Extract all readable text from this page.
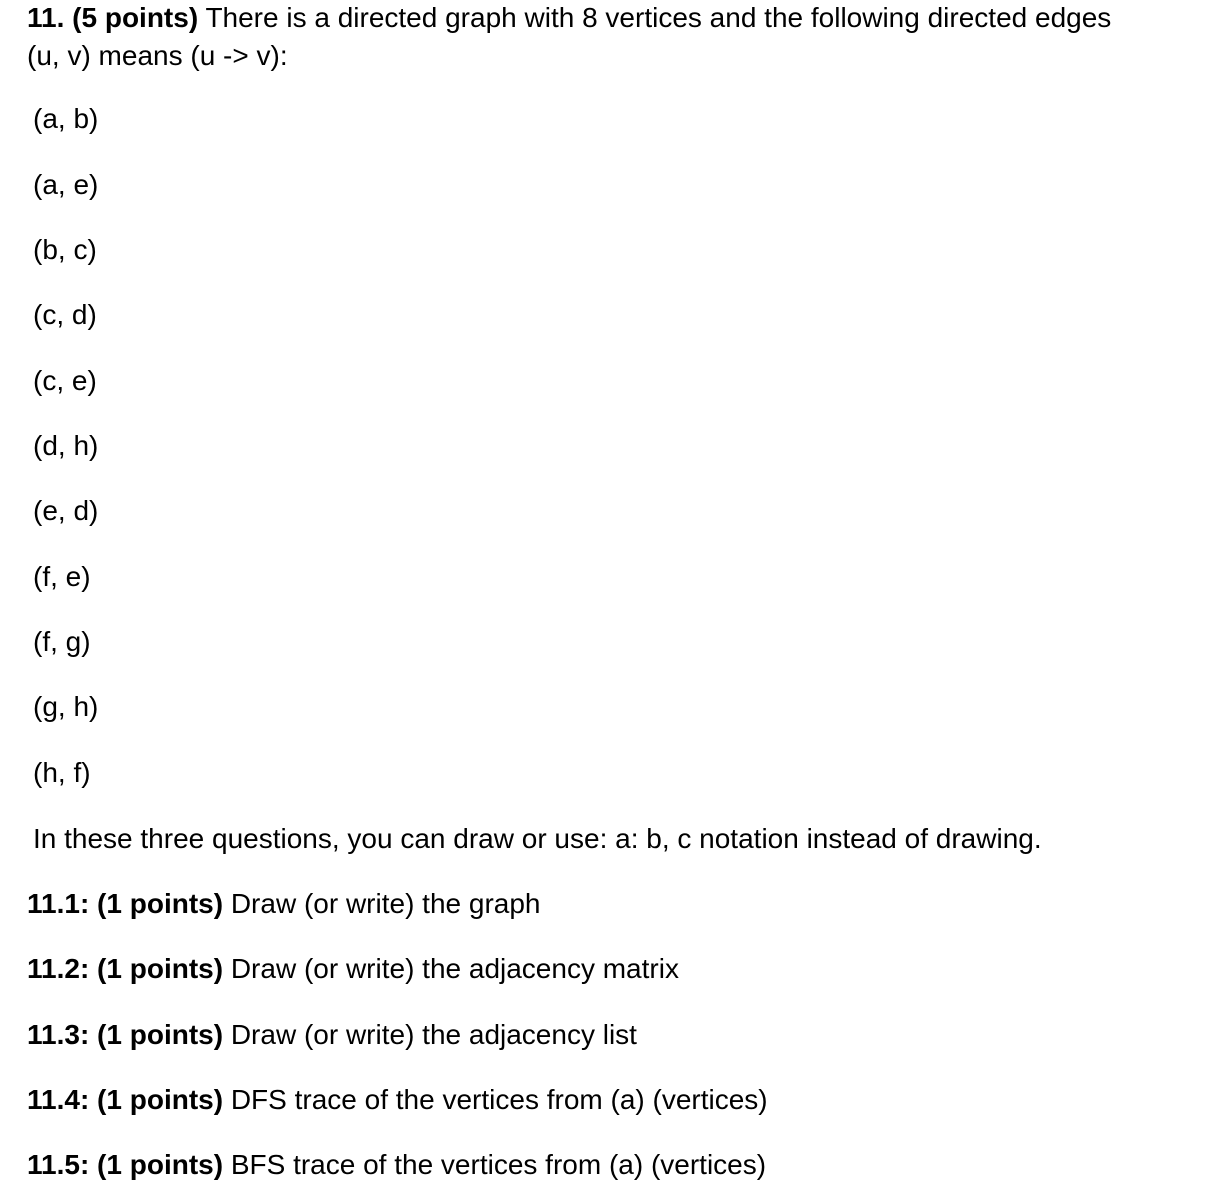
11. (5 points) There is a directed graph with 8 vertices and the following directed edges
(u, v) means (u -> v):

(a, b)

(a, e)

(b, c)

(c, d)

(c, e)

(d, h)

(e, d)

(f, e)

(f, g)

(g, h)

(h, f)

In these three questions, you can draw or use: a: b, c notation instead of drawing.

11.1: (1 points) Draw (or write) the graph

11.2: (1 points) Draw (or write) the adjacency matrix

11.3: (1 points) Draw (or write) the adjacency list

11.4: (1 points) DFS trace of the vertices from (a) (vertices)

11.5: (1 points) BFS trace of the vertices from (a) (vertices)
